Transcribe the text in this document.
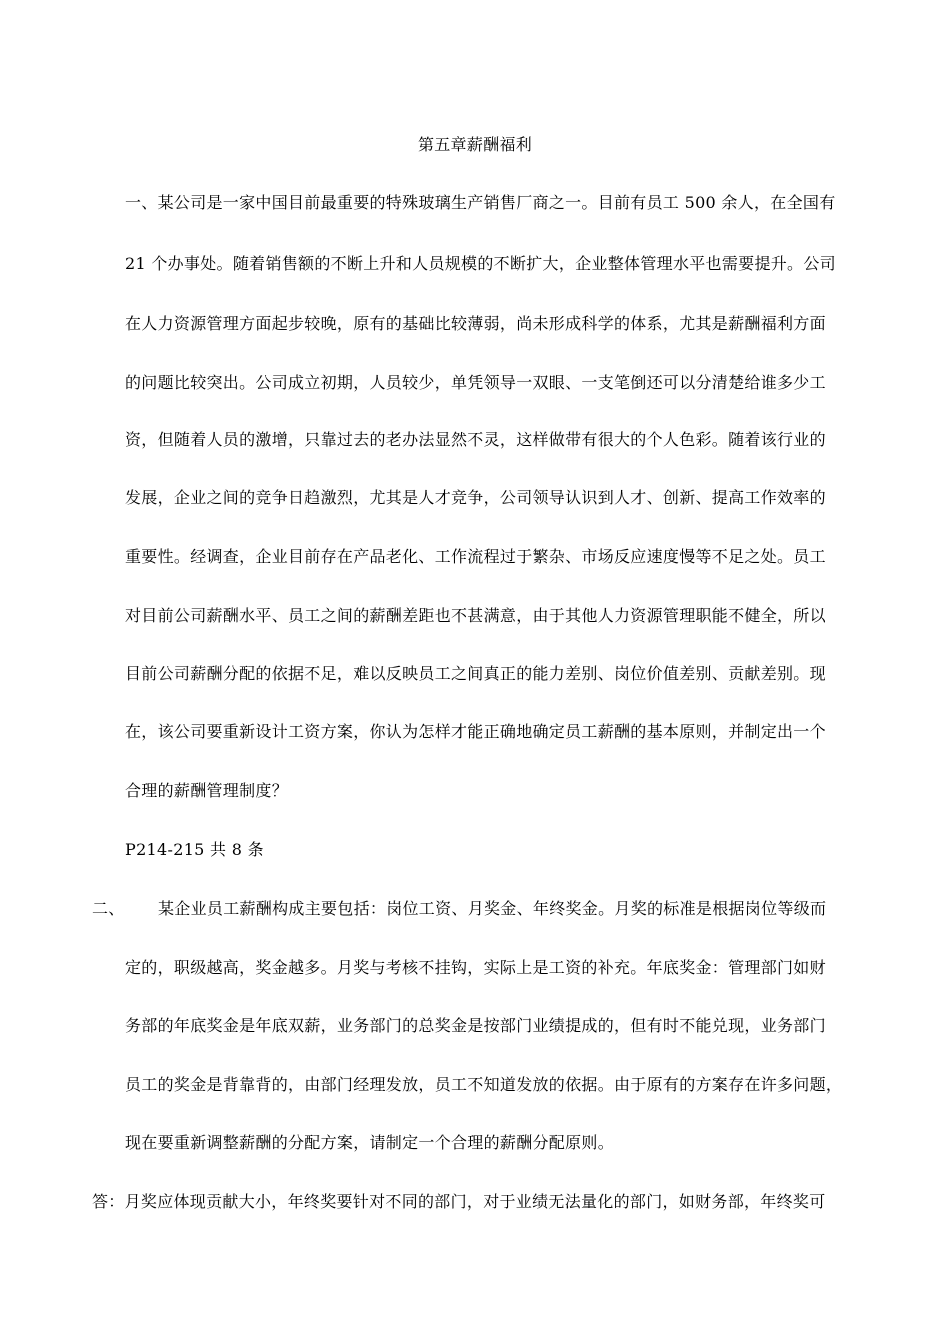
第五章薪酬福利
一、某公司是一家中国目前最重要的特殊玻璃生产销售厂商之一。目前有员工 500 余人，在全国有
21 个办事处。随着销售额的不断上升和人员规模的不断扩大，企业整体管理水平也需要提升。公司
在人力资源管理方面起步较晚，原有的基础比较薄弱，尚未形成科学的体系，尤其是薪酬福利方面
的问题比较突出。公司成立初期，人员较少，单凭领导一双眼、一支笔倒还可以分清楚给谁多少工
资，但随着人员的激增，只靠过去的老办法显然不灵，这样做带有很大的个人色彩。随着该行业的
发展，企业之间的竞争日趋激烈，尤其是人才竞争，公司领导认识到人才、创新、提高工作效率的
重要性。经调查，企业目前存在产品老化、工作流程过于繁杂、市场反应速度慢等不足之处。员工
对目前公司薪酬水平、员工之间的薪酬差距也不甚满意，由于其他人力资源管理职能不健全，所以
目前公司薪酬分配的依据不足，难以反映员工之间真正的能力差别、岗位价值差别、贡献差别。现
在，该公司要重新设计工资方案，你认为怎样才能正确地确定员工薪酬的基本原则，并制定出一个
合理的薪酬管理制度？
P214-215 共 8 条
二、 某企业员工薪酬构成主要包括：岗位工资、月奖金、年终奖金。月奖的标准是根据岗位等级而
定的，职级越高，奖金越多。月奖与考核不挂钩，实际上是工资的补充。年底奖金：管理部门如财
务部的年底奖金是年底双薪，业务部门的总奖金是按部门业绩提成的，但有时不能兑现，业务部门
员工的奖金是背靠背的，由部门经理发放，员工不知道发放的依据。由于原有的方案存在许多问题，
现在要重新调整薪酬的分配方案，请制定一个合理的薪酬分配原则。
答：月奖应体现贡献大小，年终奖要针对不同的部门，对于业绩无法量化的部门，如财务部，年终奖可
